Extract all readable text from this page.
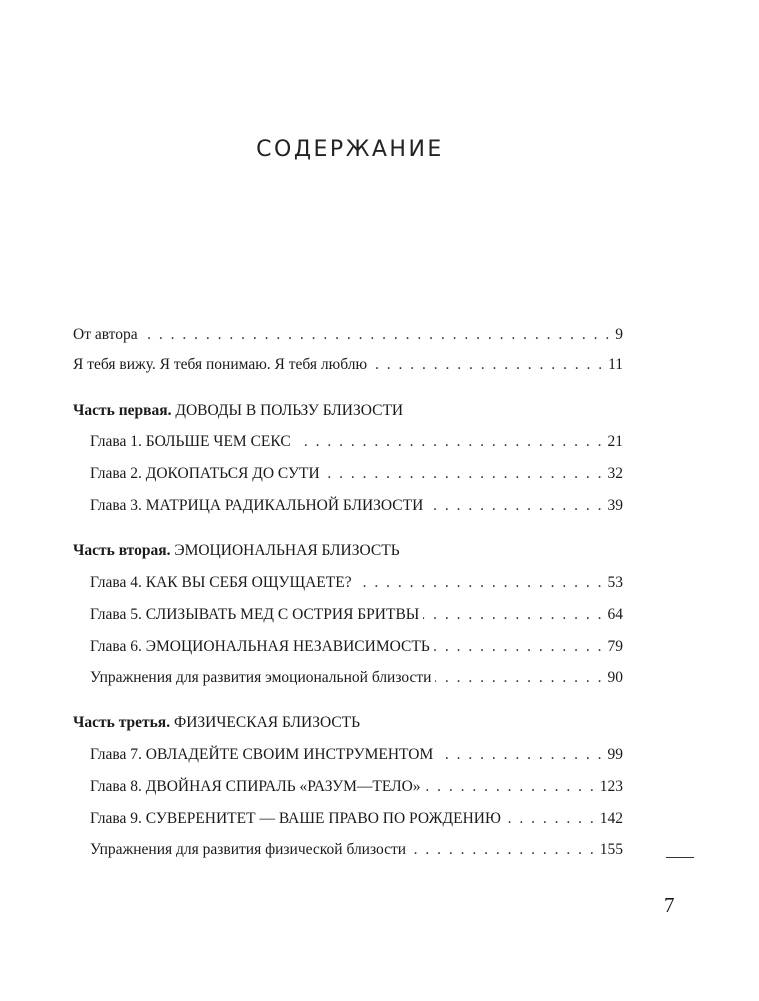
СОДЕРЖАНИЕ
От автора . . .	9
Я тебя вижу. Я тебя понимаю. Я тебя люблю . . .	11
Часть первая. ДОВОДЫ В ПОЛЬЗУ БЛИЗОСТИ
Глава 1. БОЛЬШЕ ЧЕМ СЕКС . . .	21
Глава 2. ДОКОПАТЬСЯ ДО СУТИ . . .	32
Глава 3. МАТРИЦА РАДИКАЛЬНОЙ БЛИЗОСТИ . . .	39
Часть вторая. ЭМОЦИОНАЛЬНАЯ БЛИЗОСТЬ
Глава 4. КАК ВЫ СЕБЯ ОЩУЩАЕТЕ? . . .	53
Глава 5. СЛИЗЫВАТЬ МЕД С ОСТРИЯ БРИТВЫ . . .	64
Глава 6. ЭМОЦИОНАЛЬНАЯ НЕЗАВИСИМОСТЬ . . .	79
Упражнения для развития эмоциональной близости . . .	90
Часть третья. ФИЗИЧЕСКАЯ БЛИЗОСТЬ
Глава 7. ОВЛАДЕЙТЕ СВОИМ ИНСТРУМЕНТОМ . . .	99
Глава 8. ДВОЙНАЯ СПИРАЛЬ «РАЗУМ—ТЕЛО» . . .	123
Глава 9. СУВЕРЕНИТЕТ — ВАШЕ ПРАВО ПО РОЖДЕНИЮ . . .	142
Упражнения для развития физической близости . . .	155
7
